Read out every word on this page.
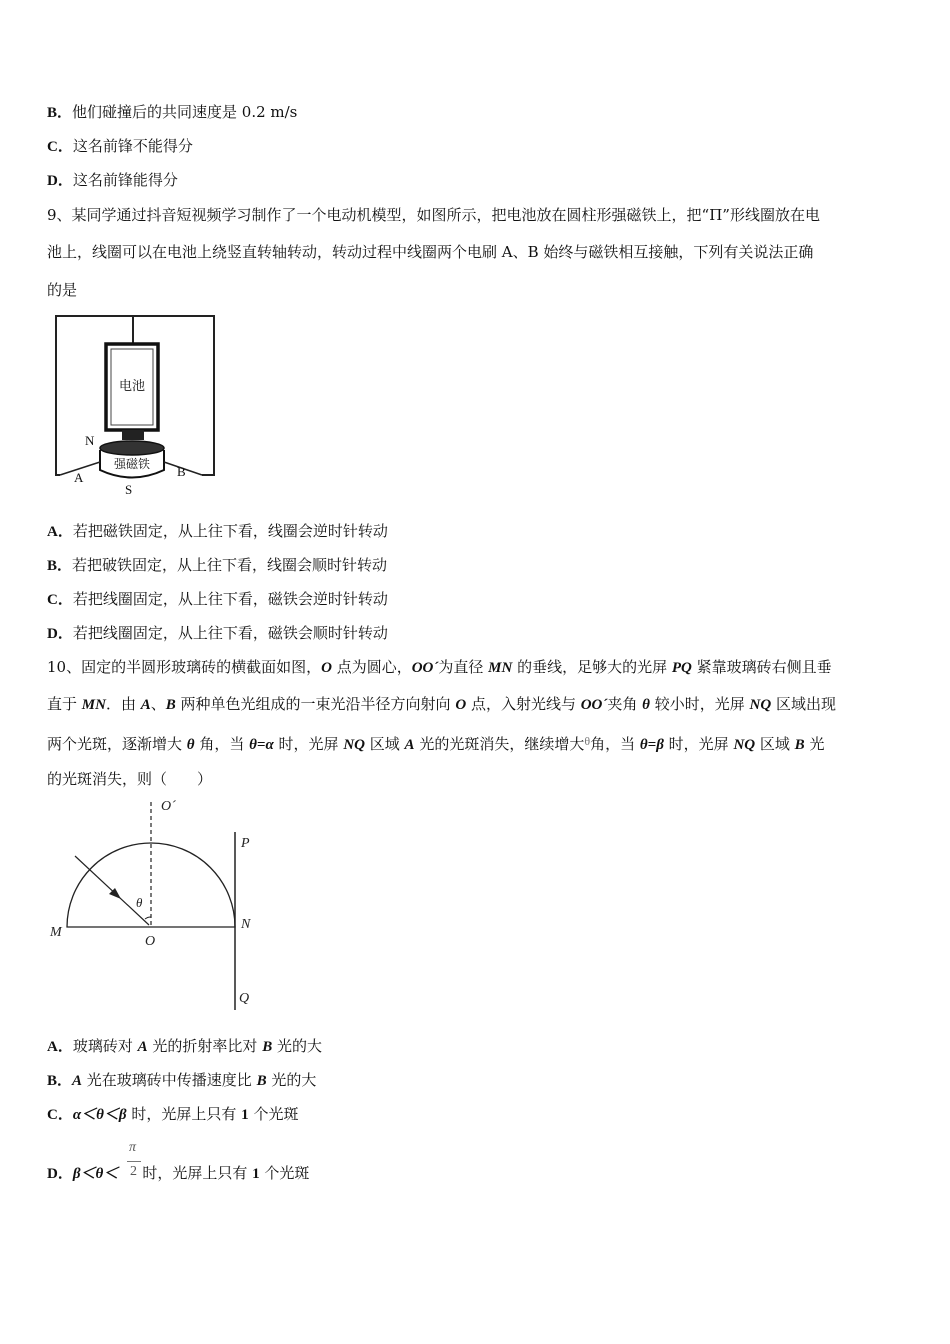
B．他们碰撞后的共同速度是 0.2 m/s
C．这名前锋不能得分
D．这名前锋能得分
9、某同学通过抖音短视频学习制作了一个电动机模型，如图所示，把电池放在圆柱形强磁铁上，把“П”形线圈放在电
池上，线圈可以在电池上绕竖直转轴转动，转动过程中线圈两个电刷 A、B 始终与磁铁相互接触，下列有关说法正确
的是
电池
强磁铁
N
S
A	B
A．若把磁铁固定，从上往下看，线圈会逆时针转动
B．若把破铁固定，从上往下看，线圈会顺时针转动
C．若把线圈固定，从上往下看，磁铁会逆时针转动
D．若把线圈固定，从上往下看，磁铁会顺时针转动
10、固定的半圆形玻璃砖的横截面如图，O 点为圆心，OO´为直径 MN 的垂线，足够大的光屏 PQ 紧靠玻璃砖右侧且垂
直于 MN．由 A、B 两种单色光组成的一束光沿半径方向射向 O 点，入射光线与 OO´夹角 θ 较小时，光屏 NQ 区域出现
两个光斑，逐渐增大 θ 角，当 θ=α 时，光屏 NQ 区域 A 光的光斑消失，继续增大$^\theta$角，当 θ=β 时，光屏 NQ 区域 B 光
的光斑消失，则（　　）
O´
P
θ
M
O
N
Q
A．玻璃砖对 A 光的折射率比对 B 光的大
B．A 光在玻璃砖中传播速度比 B 光的大
C．α＜θ＜β 时，光屏上只有 1 个光斑
π
2
D．β＜θ＜ 时，光屏上只有 1 个光斑
